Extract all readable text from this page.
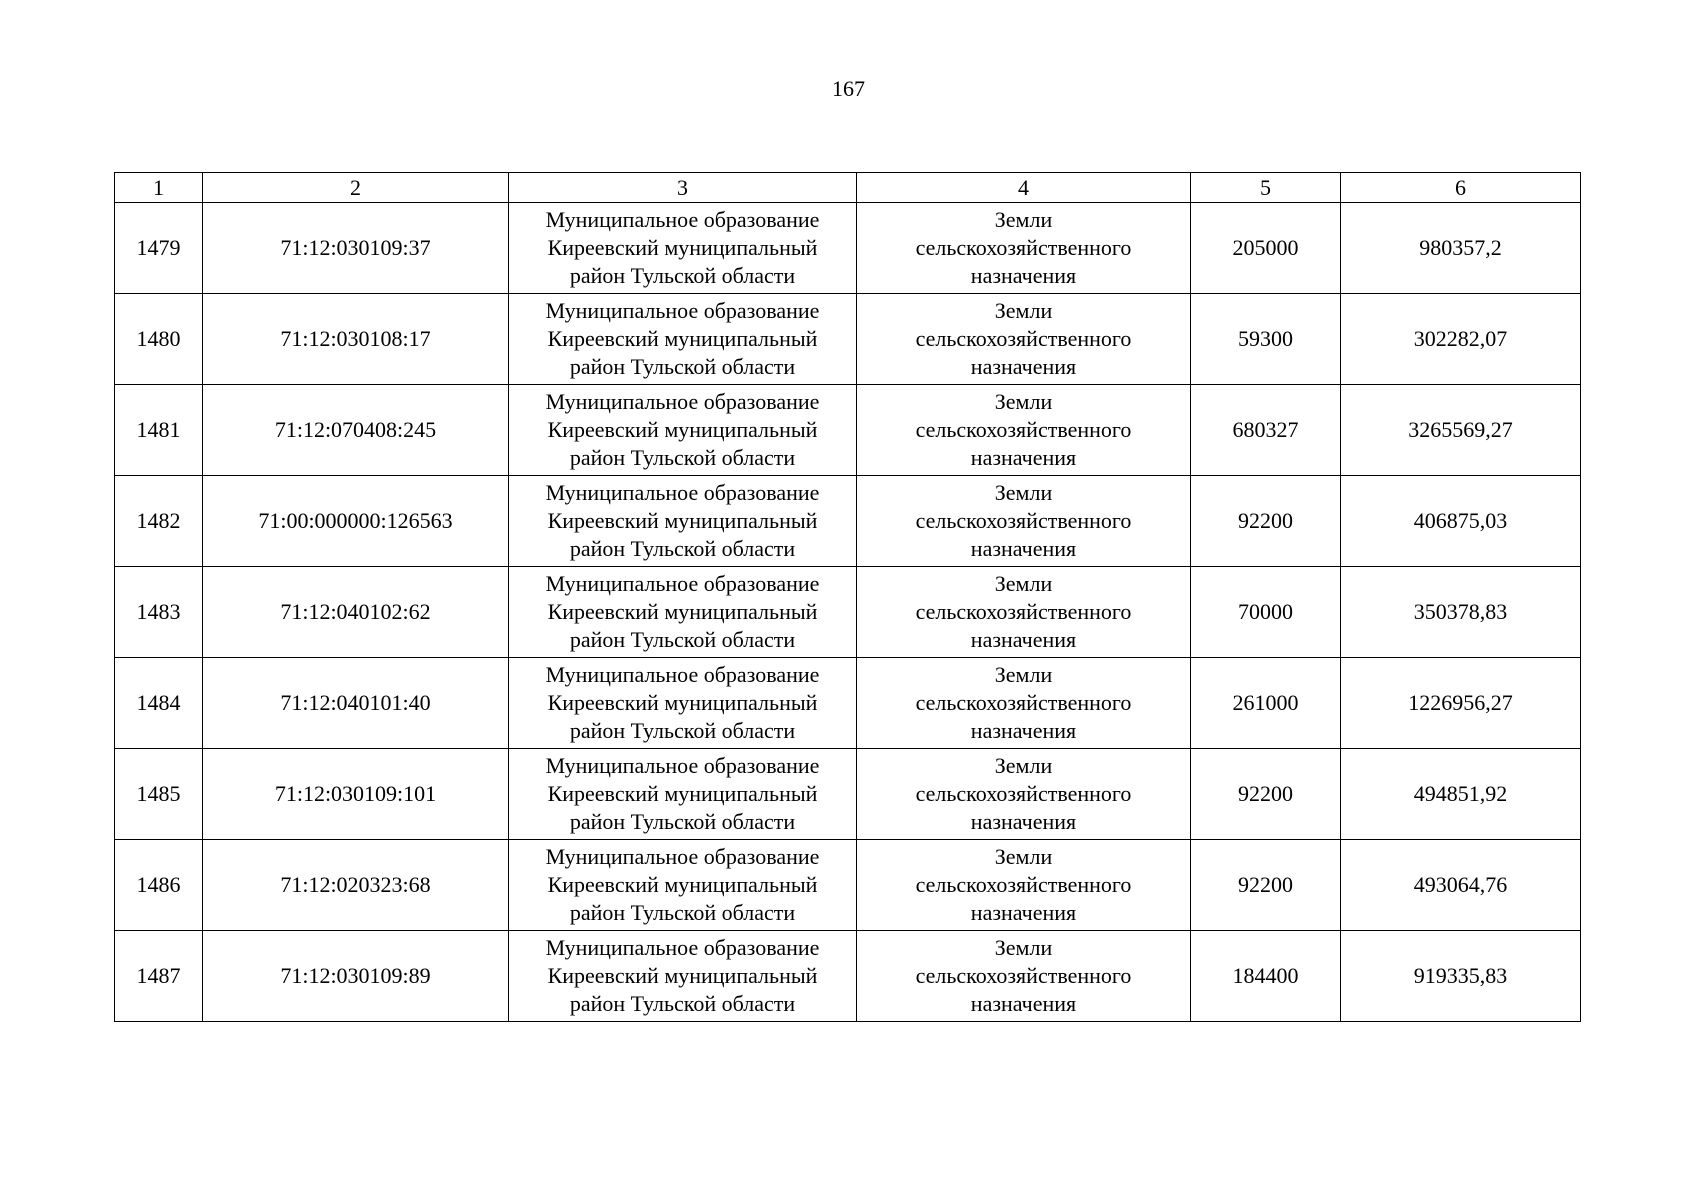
167
1	2	3	4	5	6
1479	71:12:030109:37	Муниципальное образование
Киреевский муниципальный
район Тульской области	Земли
сельскохозяйственного
назначения	205000	980357,2
1480	71:12:030108:17	Муниципальное образование
Киреевский муниципальный
район Тульской области	Земли
сельскохозяйственного
назначения	59300	302282,07
1481	71:12:070408:245	Муниципальное образование
Киреевский муниципальный
район Тульской области	Земли
сельскохозяйственного
назначения	680327	3265569,27
1482	71:00:000000:126563	Муниципальное образование
Киреевский муниципальный
район Тульской области	Земли
сельскохозяйственного
назначения	92200	406875,03
1483	71:12:040102:62	Муниципальное образование
Киреевский муниципальный
район Тульской области	Земли
сельскохозяйственного
назначения	70000	350378,83
1484	71:12:040101:40	Муниципальное образование
Киреевский муниципальный
район Тульской области	Земли
сельскохозяйственного
назначения	261000	1226956,27
1485	71:12:030109:101	Муниципальное образование
Киреевский муниципальный
район Тульской области	Земли
сельскохозяйственного
назначения	92200	494851,92
1486	71:12:020323:68	Муниципальное образование
Киреевский муниципальный
район Тульской области	Земли
сельскохозяйственного
назначения	92200	493064,76
1487	71:12:030109:89	Муниципальное образование
Киреевский муниципальный
район Тульской области	Земли
сельскохозяйственного
назначения	184400	919335,83
